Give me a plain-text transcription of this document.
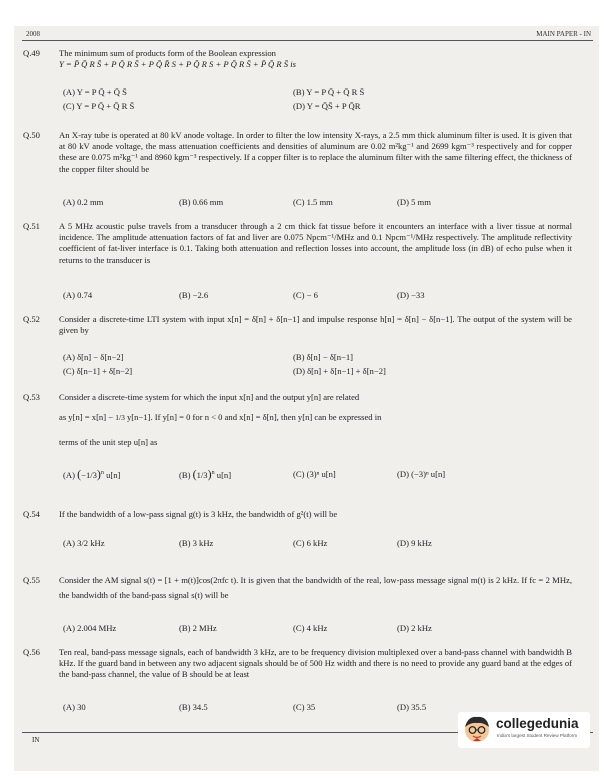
2008	MAIN PAPER - IN
Q.49 The minimum sum of products form of the Boolean expression
Y = P̄ Q̄ R S̄ + P Q̄ R S̄ + P Q̄ R̄ S + P Q̄ R S + P Q̄ R S̄ + P̄ Q̄ R S̄ is
(A) Y = P Q̄ + Q̄ S̄	(B) Y = P Q̄ + Q̄ R S̄
(C) Y = P Q̄ + Q̄ R S̄	(D) Y = Q̄S̄ + P Q̄R
Q.50 An X-ray tube is operated at 80 kV anode voltage. In order to filter the low intensity X-rays, a 2.5 mm thick aluminum filter is used. It is given that at 80 kV anode voltage, the mass attenuation coefficients and densities of aluminum are 0.02 m²kg⁻¹ and 2699 kgm⁻³ respectively and for copper these are 0.075 m²kg⁻¹ and 8960 kgm⁻³ respectively. If a copper filter is to replace the aluminum filter with the same filtering effect, the thickness of the copper filter should be
(A) 0.2 mm	(B) 0.66 mm	(C) 1.5 mm	(D) 5 mm
Q.51 A 5 MHz acoustic pulse travels from a transducer through a 2 cm thick fat tissue before it encounters an interface with a liver tissue at normal incidence. The amplitude attenuation factors of fat and liver are 0.075 Npcm⁻¹/MHz and 0.1 Npcm⁻¹/MHz respectively. The amplitude reflectivity coefficient of fat-liver interface is 0.1. Taking both attenuation and reflection losses into account, the amplitude loss (in dB) of echo pulse when it returns to the transducer is
(A) 0.74	(B) −2.6	(C) − 6	(D) −33
Q.52 Consider a discrete-time LTI system with input x[n] = δ[n] + δ[n−1] and impulse response h[n] = δ[n] − δ[n−1]. The output of the system will be given by
(A) δ[n] − δ[n−2]	(B) δ[n] − δ[n−1]
(C) δ[n−1] + δ[n−2]	(D) δ[n] + δ[n−1] + δ[n−2]
Q.53 Consider a discrete-time system for which the input x[n] and the output y[n] are related
as y[n] = x[n] − 1/3 y[n−1]. If y[n] = 0 for n < 0 and x[n] = δ[n], then y[n] can be expressed in
terms of the unit step u[n] as
(A) $(-1/3)^n$ u[n]	(B) $(1/3)^n$ u[n]	(C) (3)ⁿ u[n]	(D) (−3)ⁿ u[n]
Q.54 If the bandwidth of a low-pass signal g(t) is 3 kHz, the bandwidth of g²(t) will be
(A) 3/2 kHz	(B) 3 kHz	(C) 6 kHz	(D) 9 kHz
Q.55 Consider the AM signal s(t) = [1 + m(t)]cos(2πfc t). It is given that the bandwidth of the real, low-pass message signal m(t) is 2 kHz. If fc = 2 MHz, the bandwidth of the band-pass signal s(t) will be
(A) 2.004 MHz	(B) 2 MHz	(C) 4 kHz	(D) 2 kHz
Q.56 Ten real, band-pass message signals, each of bandwidth 3 kHz, are to be frequency division multiplexed over a band-pass channel with bandwidth B kHz. If the guard band in between any two adjacent signals should be of 500 Hz width and there is no need to provide any guard band at the edges of the band-pass channel, the value of B should be at least
(A) 30	(B) 34.5	(C) 35	(D) 35.5
IN
collegedunia
India's largest Student Review Platform
